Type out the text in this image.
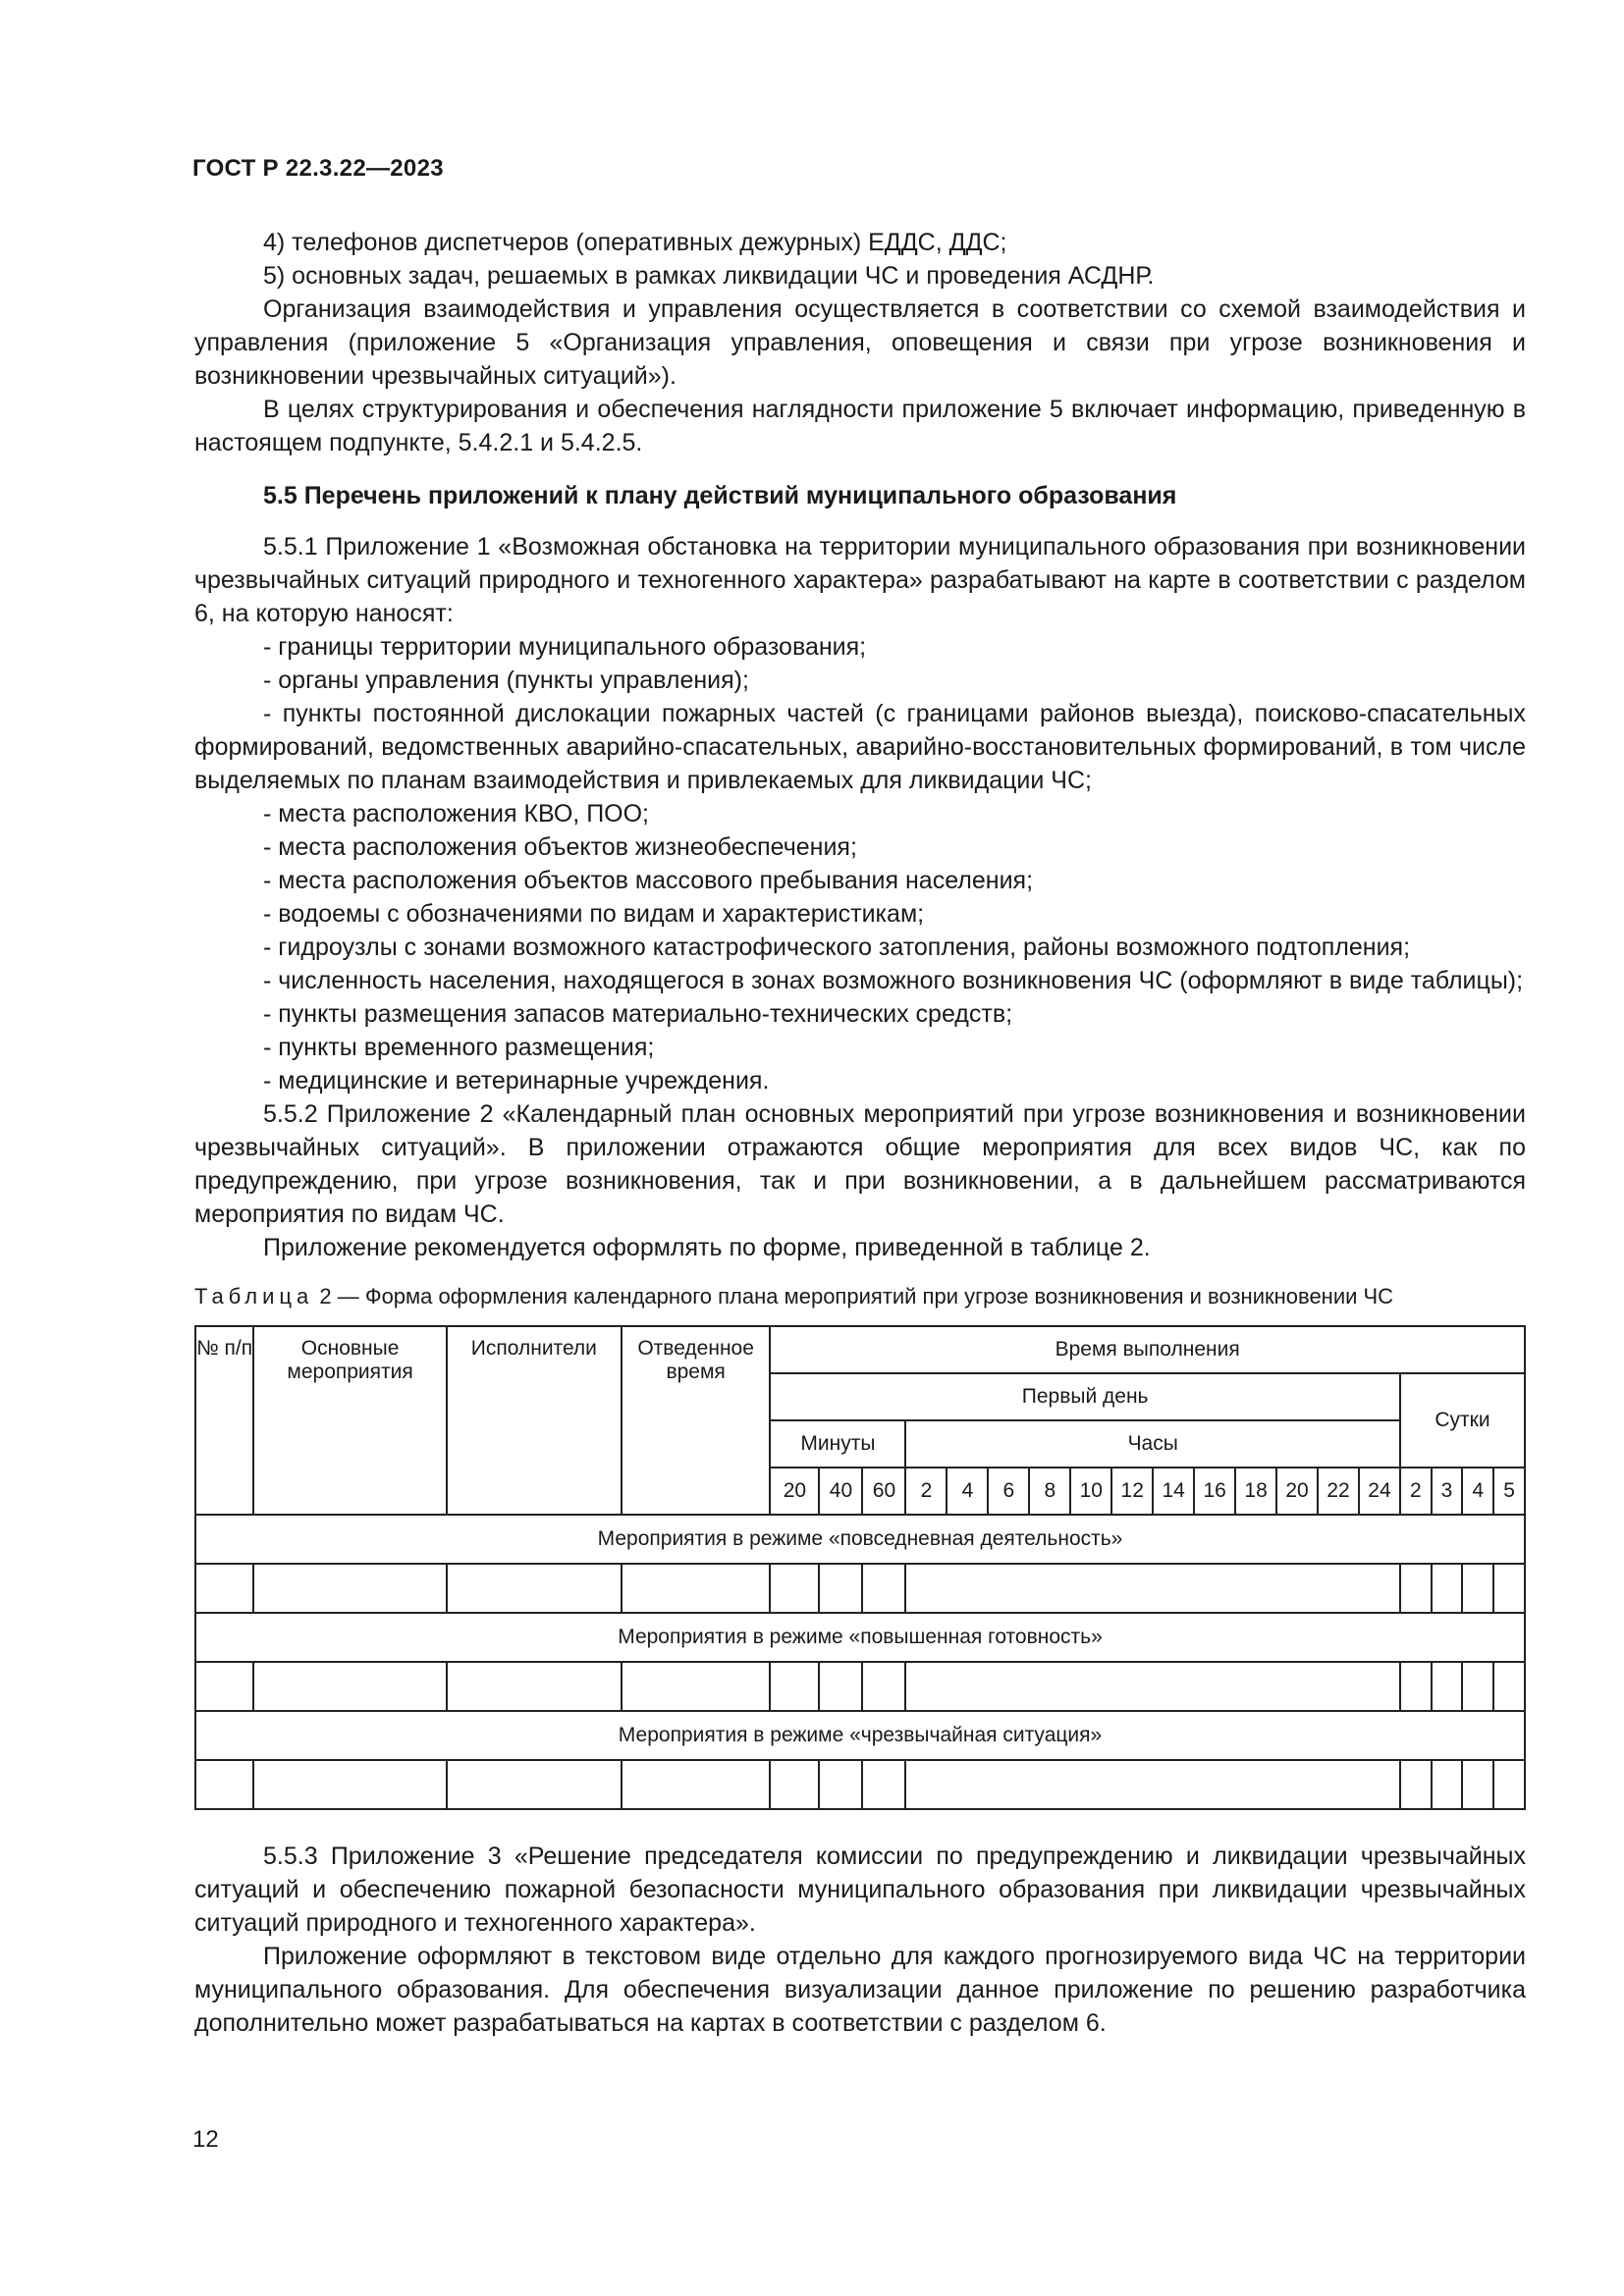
ГОСТ Р 22.3.22—2023

4) телефонов диспетчеров (оперативных дежурных) ЕДДС, ДДС;

5) основных задач, решаемых в рамках ликвидации ЧС и проведения АСДНР.

Организация взаимодействия и управления осуществляется в соответствии со схемой взаимодействия и управления (приложение 5 «Организация управления, оповещения и связи при угрозе возникновения и возникновении чрезвычайных ситуаций»).

В целях структурирования и обеспечения наглядности приложение 5 включает информацию, приведенную в настоящем подпункте, 5.4.2.1 и 5.4.2.5.

5.5 Перечень приложений к плану действий муниципального образования

5.5.1 Приложение 1 «Возможная обстановка на территории муниципального образования при возникновении чрезвычайных ситуаций природного и техногенного характера» разрабатывают на карте в соответствии с разделом 6, на которую наносят:

- границы территории муниципального образования;

- органы управления (пункты управления);

- пункты постоянной дислокации пожарных частей (с границами районов выезда), поисково-спасательных формирований, ведомственных аварийно-спасательных, аварийно-восстановительных формирований, в том числе выделяемых по планам взаимодействия и привлекаемых для ликвидации ЧС;

- места расположения КВО, ПОО;

- места расположения объектов жизнеобеспечения;

- места расположения объектов массового пребывания населения;

- водоемы с обозначениями по видам и характеристикам;

- гидроузлы с зонами возможного катастрофического затопления, районы возможного подтопления;

- численность населения, находящегося в зонах возможного возникновения ЧС (оформляют в виде таблицы);

- пункты размещения запасов материально-технических средств;

- пункты временного размещения;

- медицинские и ветеринарные учреждения.

5.5.2 Приложение 2 «Календарный план основных мероприятий при угрозе возникновения и возникновении чрезвычайных ситуаций». В приложении отражаются общие мероприятия для всех видов ЧС, как по предупреждению, при угрозе возникновения, так и при возникновении, а в дальнейшем рассматриваются мероприятия по видам ЧС.

Приложение рекомендуется оформлять по форме, приведенной в таблице 2.

Таблица 2 — Форма оформления календарного плана мероприятий при угрозе возникновения и возникновении ЧС
№ п/п	Основные мероприятия	Исполнители	Отведенное время	Время выполнения																		
				Первый день															Сутки			
				Минуты			Часы															
				20	40	60	2	4	6	8	10	12	14	16	18	20	22	24	2	3	4	5
Мероприятия в режиме «повседневная деятельность»																						

Мероприятия в режиме «повышенная готовность»																						

Мероприятия в режиме «чрезвычайная ситуация»																						

5.5.3 Приложение 3 «Решение председателя комиссии по предупреждению и ликвидации чрезвычайных ситуаций и обеспечению пожарной безопасности муниципального образования при ликвидации чрезвычайных ситуаций природного и техногенного характера».

Приложение оформляют в текстовом виде отдельно для каждого прогнозируемого вида ЧС на территории муниципального образования. Для обеспечения визуализации данное приложение по решению разработчика дополнительно может разрабатываться на картах в соответствии с разделом 6.

12
